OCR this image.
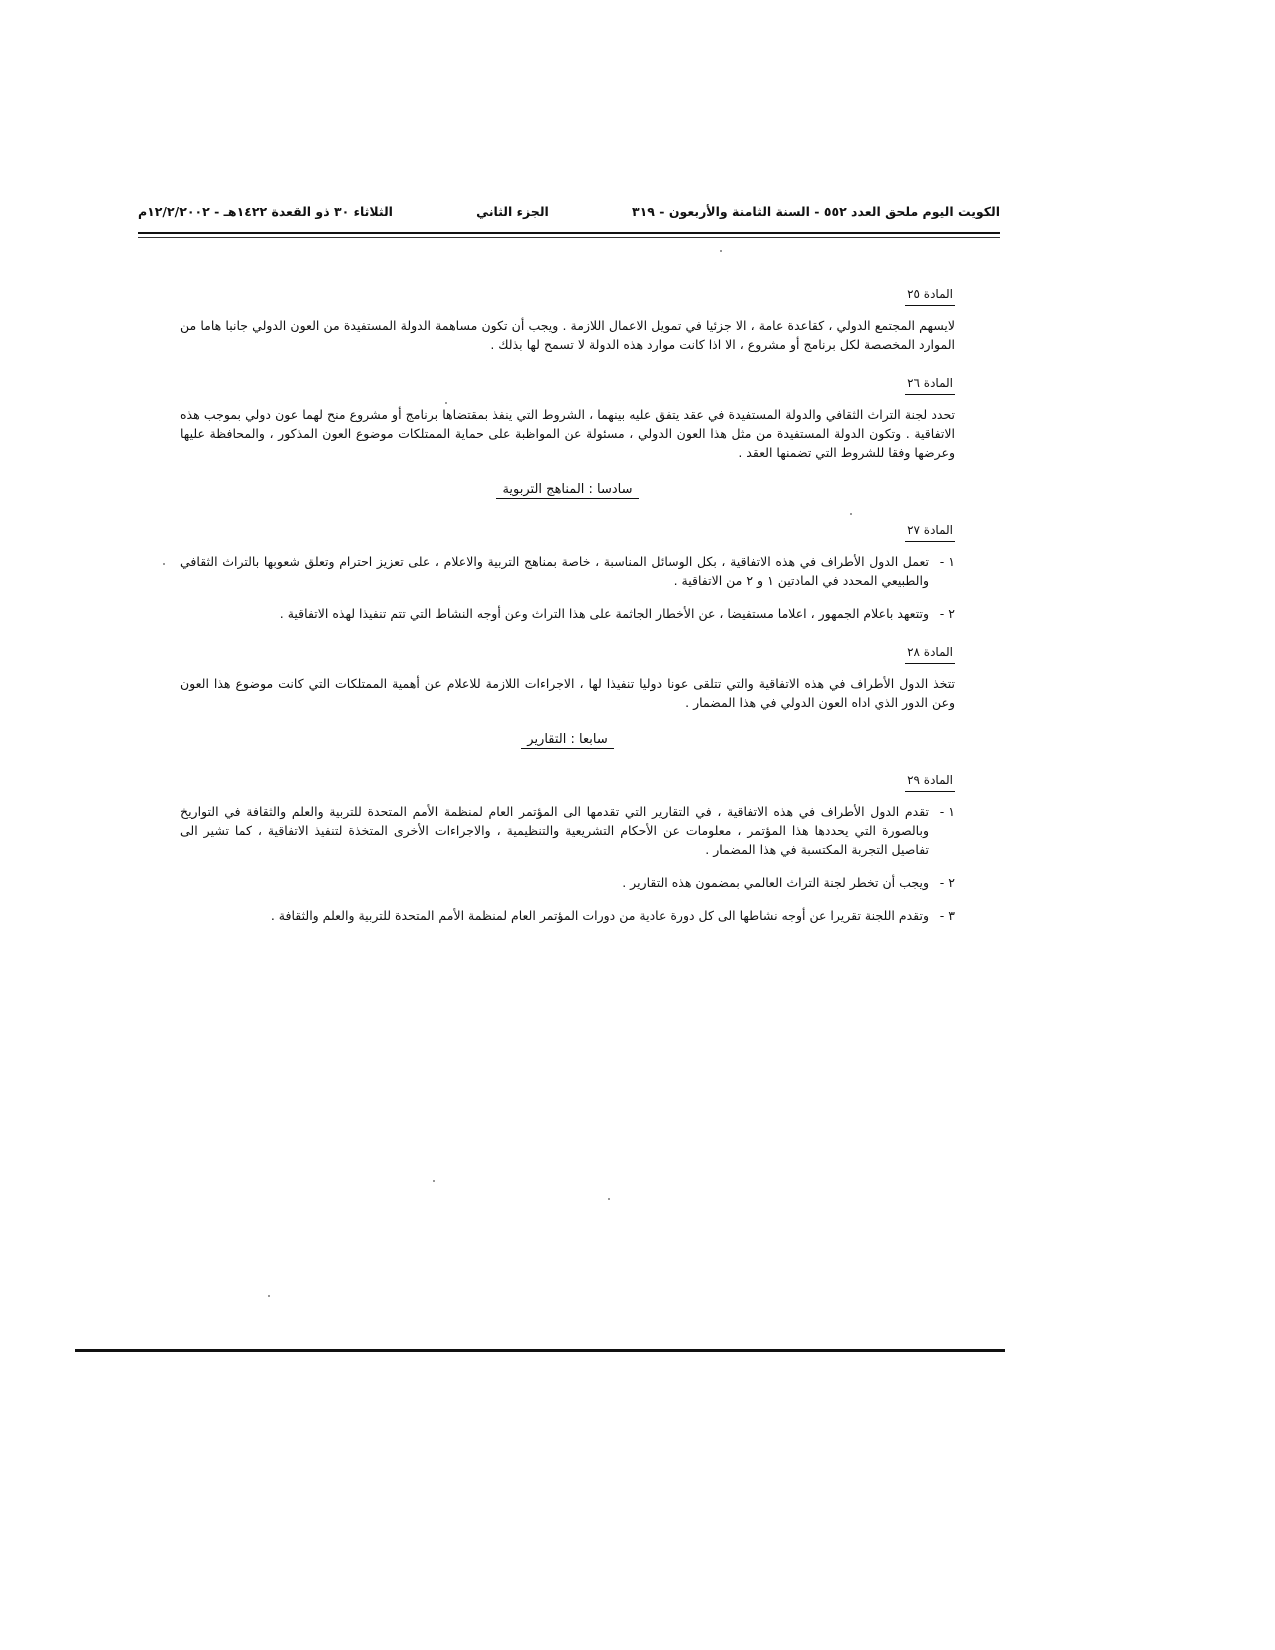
الكويت اليوم ملحق العدد ٥٥٢ - السنة الثامنة والأربعون - ٣١٩
الجزء الثاني
الثلاثاء ٣٠ ذو القعدة ١٤٢٢هـ - ١٢/٢/٢٠٠٢م
المادة ٢٥

لايسهم المجتمع الدولي ، كقاعدة عامة ، الا جزئيا في تمويل الاعمال اللازمة . ويجب أن تكون مساهمة الدولة المستفيدة من العون الدولي جانبا هاما من الموارد المخصصة لكل برنامج أو مشروع ، الا اذا كانت موارد هذه الدولة لا تسمح لها بذلك .

المادة ٢٦

تحدد لجنة التراث الثقافي والدولة المستفيدة في عقد يتفق عليه بينهما ، الشروط التي ينفذ بمقتضاها برنامج أو مشروع منح لهما عون دولي بموجب هذه الاتفاقية . وتكون الدولة المستفيدة من مثل هذا العون الدولي ، مسئولة عن المواظبة على حماية الممتلكات موضوع العون المذكور ، والمحافظة عليها وعرضها وفقا للشروط التي تضمنها العقد .

سادسا : المناهج التربوية
المادة ٢٧
١ -
تعمل الدول الأطراف في هذه الاتفاقية ، بكل الوسائل المناسبة ، خاصة بمناهج التربية والاعلام ، على تعزيز احترام وتعلق شعوبها بالتراث الثقافي والطبيعي المحدد في المادتين ١ و ٢ من الاتفاقية .
٢ -
وتتعهد باعلام الجمهور ، اعلاما مستفيضا ، عن الأخطار الجاثمة على هذا التراث وعن أوجه النشاط التي تتم تنفيذا لهذه الاتفاقية .
المادة ٢٨

تتخذ الدول الأطراف في هذه الاتفاقية والتي تتلقى عونا دوليا تنفيذا لها ، الاجراءات اللازمة للاعلام عن أهمية الممتلكات التي كانت موضوع هذا العون وعن الدور الذي اداه العون الدولي في هذا المضمار .

سابعا : التقارير
المادة ٢٩
١ -
تقدم الدول الأطراف في هذه الاتفاقية ، في التقارير التي تقدمها الى المؤتمر العام لمنظمة الأمم المتحدة للتربية والعلم والثقافة في التواريخ وبالصورة التي يحددها هذا المؤتمر ، معلومات عن الأحكام التشريعية والتنظيمية ، والاجراءات الأخرى المتخذة لتنفيذ الاتفاقية ، كما تشير الى تفاصيل التجربة المكتسبة في هذا المضمار .
٢ -
ويجب أن تخطر لجنة التراث العالمي بمضمون هذه التقارير .
٣ -
وتقدم اللجنة تقريرا عن أوجه نشاطها الى كل دورة عادية من دورات المؤتمر العام لمنظمة الأمم المتحدة للتربية والعلم والثقافة .
